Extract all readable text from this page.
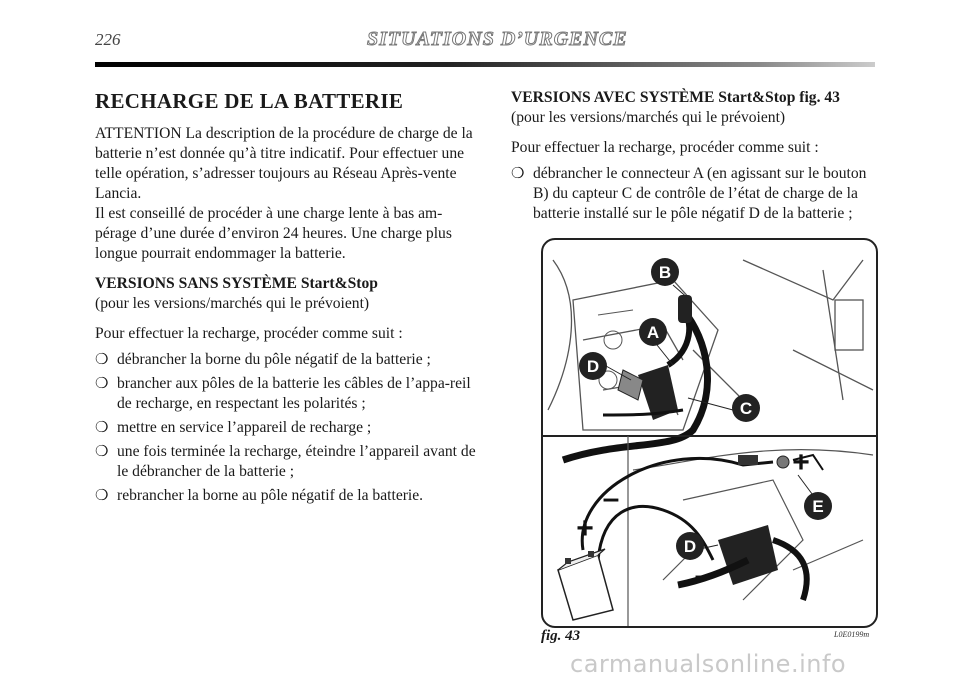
226	SITUATIONS D’URGENCE
RECHARGE DE LA BATTERIE

ATTENTION La description de la procédure de charge de la batterie n’est donnée qu’à titre indicatif. Pour effectuer une telle opération, s’adresser toujours au Réseau Après-vente Lancia.

Il est conseillé de procéder à une charge lente à bas am-pérage d’une durée d’environ 24 heures. Une charge plus longue pourrait endommager la batterie.

VERSIONS SANS SYSTÈME Start&Stop

(pour les versions/marchés qui le prévoient)

Pour effectuer la recharge, procéder comme suit :

❍ débrancher la borne du pôle négatif de la batterie ;
❍ brancher aux pôles de la batterie les câbles de l’appa-reil de recharge, en respectant les polarités ;
❍ mettre en service l’appareil de recharge ;
❍ une fois terminée la recharge, éteindre l’appareil avant de le débrancher de la batterie ;
❍ rebrancher la borne au pôle négatif de la batterie.

VERSIONS AVEC SYSTÈME Start&Stop fig. 43

(pour les versions/marchés qui le prévoient)

Pour effectuer la recharge, procéder comme suit :

❍ débrancher le connecteur A (en agissant sur le bouton B) du capteur C de contrôle de l’état de charge de la batterie installé sur le pôle négatif D de la batterie ;
A
B
C
D
D
E
+
+
–
–
fig. 43	L0E0199m
carmanualsonline.info
